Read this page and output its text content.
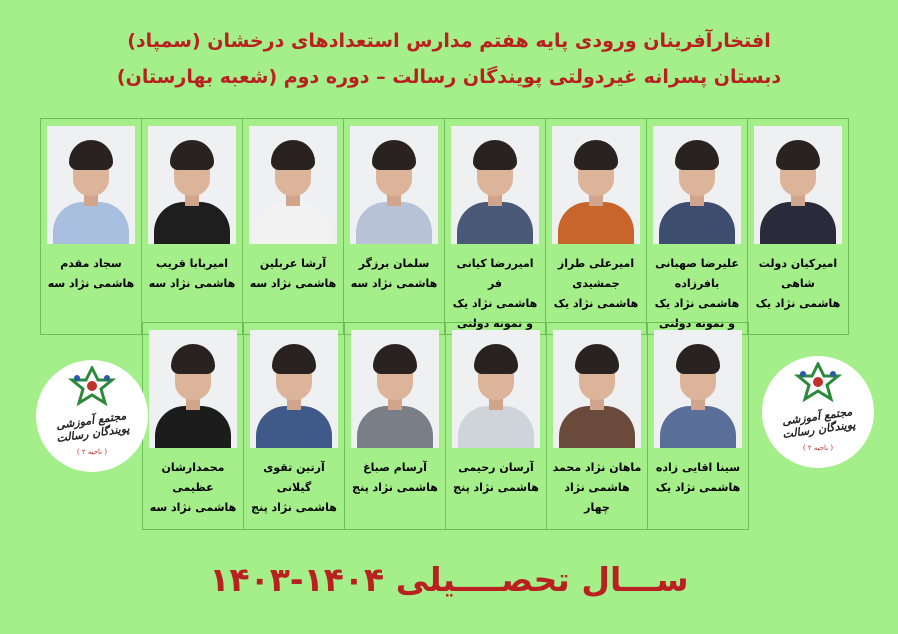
افتخارآفرینان ورودی پایه هفتم مدارس استعدادهای درخشان (سمپاد)
دبستان پسرانه غیردولتی پویندگان رسالت – دوره دوم (شعبه بهارستان)
امیرکیان دولت
شاهی
هاشمی نژاد یک

علیرضا صهبانی بافرزاده
هاشمی نژاد یک
و نمونه دولتی

امیرعلی طراز
جمشیدی
هاشمی نژاد یک

امیررضا کیانی فر
هاشمی نژاد یک
و نمونه دولتی

سلمان برزگر
هاشمی نژاد سه

آرشا عربلین
هاشمی نژاد سه

امیربابا قریب
هاشمی نژاد سه

سجاد مقدم
هاشمی نژاد سه
سینا اقایی زاده
هاشمی نژاد یک

ماهان نژاد محمد
هاشمی نژاد چهار

آرسان رحیمی
هاشمی نژاد پنج

آرسام صباغ
هاشمی نژاد پنج

آرتین تقوی گیلانی
هاشمی نژاد پنج

محمدارشان عظیمی
هاشمی نژاد سه
مجتمع آموزشی پویندگان رسالت
( ناحیه ۲ )
مجتمع آموزشی پویندگان رسالت
( ناحیه ۲ )
ســـال تحصــــیلی ۱۴۰۴-۱۴۰۳
